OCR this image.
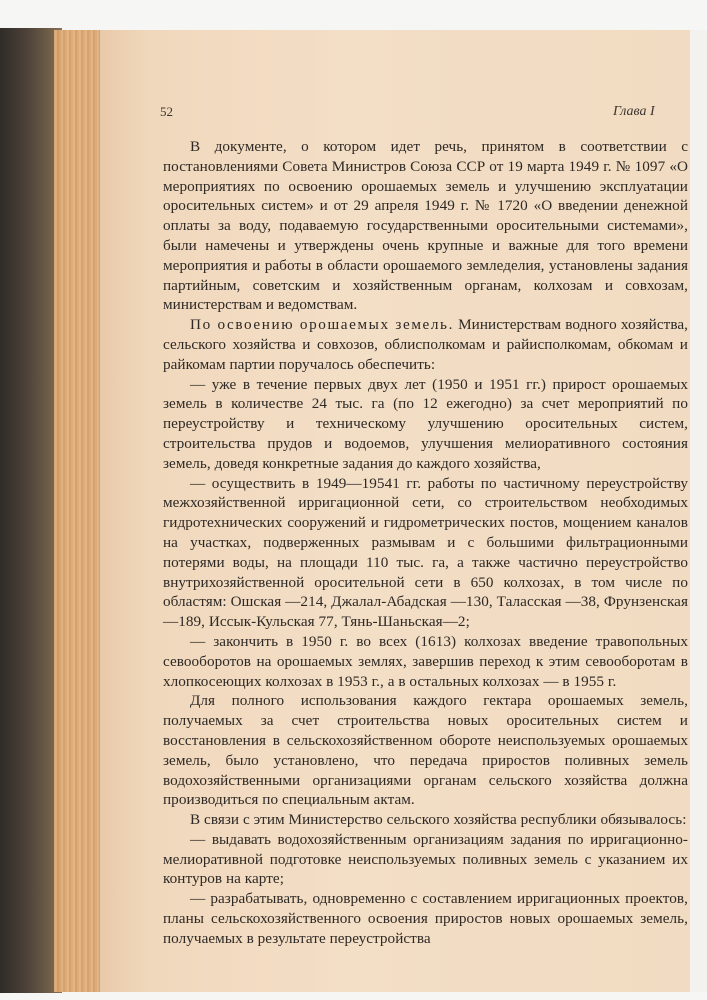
52	Глава I

В документе, о котором идет речь, принятом в соответствии с постановлениями Совета Министров Союза ССР от 19 марта 1949 г. № 1097 «О мероприятиях по освоению орошаемых земель и улучшению эксплуатации оросительных систем» и от 29 апреля 1949 г. № 1720 «О введении денежной оплаты за воду, подаваемую государственными оросительными системами», были намечены и утверждены очень крупные и важные для того времени мероприятия и работы в области орошаемого земледелия, установлены задания партийным, советским и хозяйственным органам, колхозам и совхозам, министерствам и ведомствам.

По освоению орошаемых земель. Министерствам водного хозяйства, сельского хозяйства и совхозов, облисполкомам и райисполкомам, обкомам и райкомам партии поручалось обеспечить:

— уже в течение первых двух лет (1950 и 1951 гг.) прирост орошаемых земель в количестве 24 тыс. га (по 12 ежегодно) за счет мероприятий по переустройству и техническому улучшению оросительных систем, строительства прудов и водоемов, улучшения мелиоративного состояния земель, доведя конкретные задания до каждого хозяйства,

— осуществить в 1949—19541 гг. работы по частичному переустройству межхозяйственной ирригационной сети, со строительством необходимых гидротехнических сооружений и гидрометрических постов, мощением каналов на участках, подверженных размывам и с большими фильтрационными потерями воды, на площади 110 тыс. га, а также частично переустройство внутрихозяйственной оросительной сети в 650 колхозах, в том числе по областям: Ошская —214, Джалал-Абадская —130, Таласская —38, Фрунзенская —189, Иссык-Кульская 77, Тянь-Шаньская—2;

— закончить в 1950 г. во всех (1613) колхозах введение травопольных севооборотов на орошаемых землях, завершив переход к этим севооборотам в хлопкосеющих колхозах в 1953 г., а в остальных колхозах — в 1955 г.

Для полного использования каждого гектара орошаемых земель, получаемых за счет строительства новых оросительных систем и восстановления в сельскохозяйственном обороте неиспользуемых орошаемых земель, было установлено, что передача приростов поливных земель водохозяйственными организациями органам сельского хозяйства должна производиться по специальным актам.

В связи с этим Министерство сельского хозяйства республики обязывалось:

— выдавать водохозяйственным организациям задания по ирригационно-мелиоративной подготовке неиспользуемых поливных земель с указанием их контуров на карте;

— разрабатывать, одновременно с составлением ирригационных проектов, планы сельскохозяйственного освоения приростов новых орошаемых земель, получаемых в результате переустройства
